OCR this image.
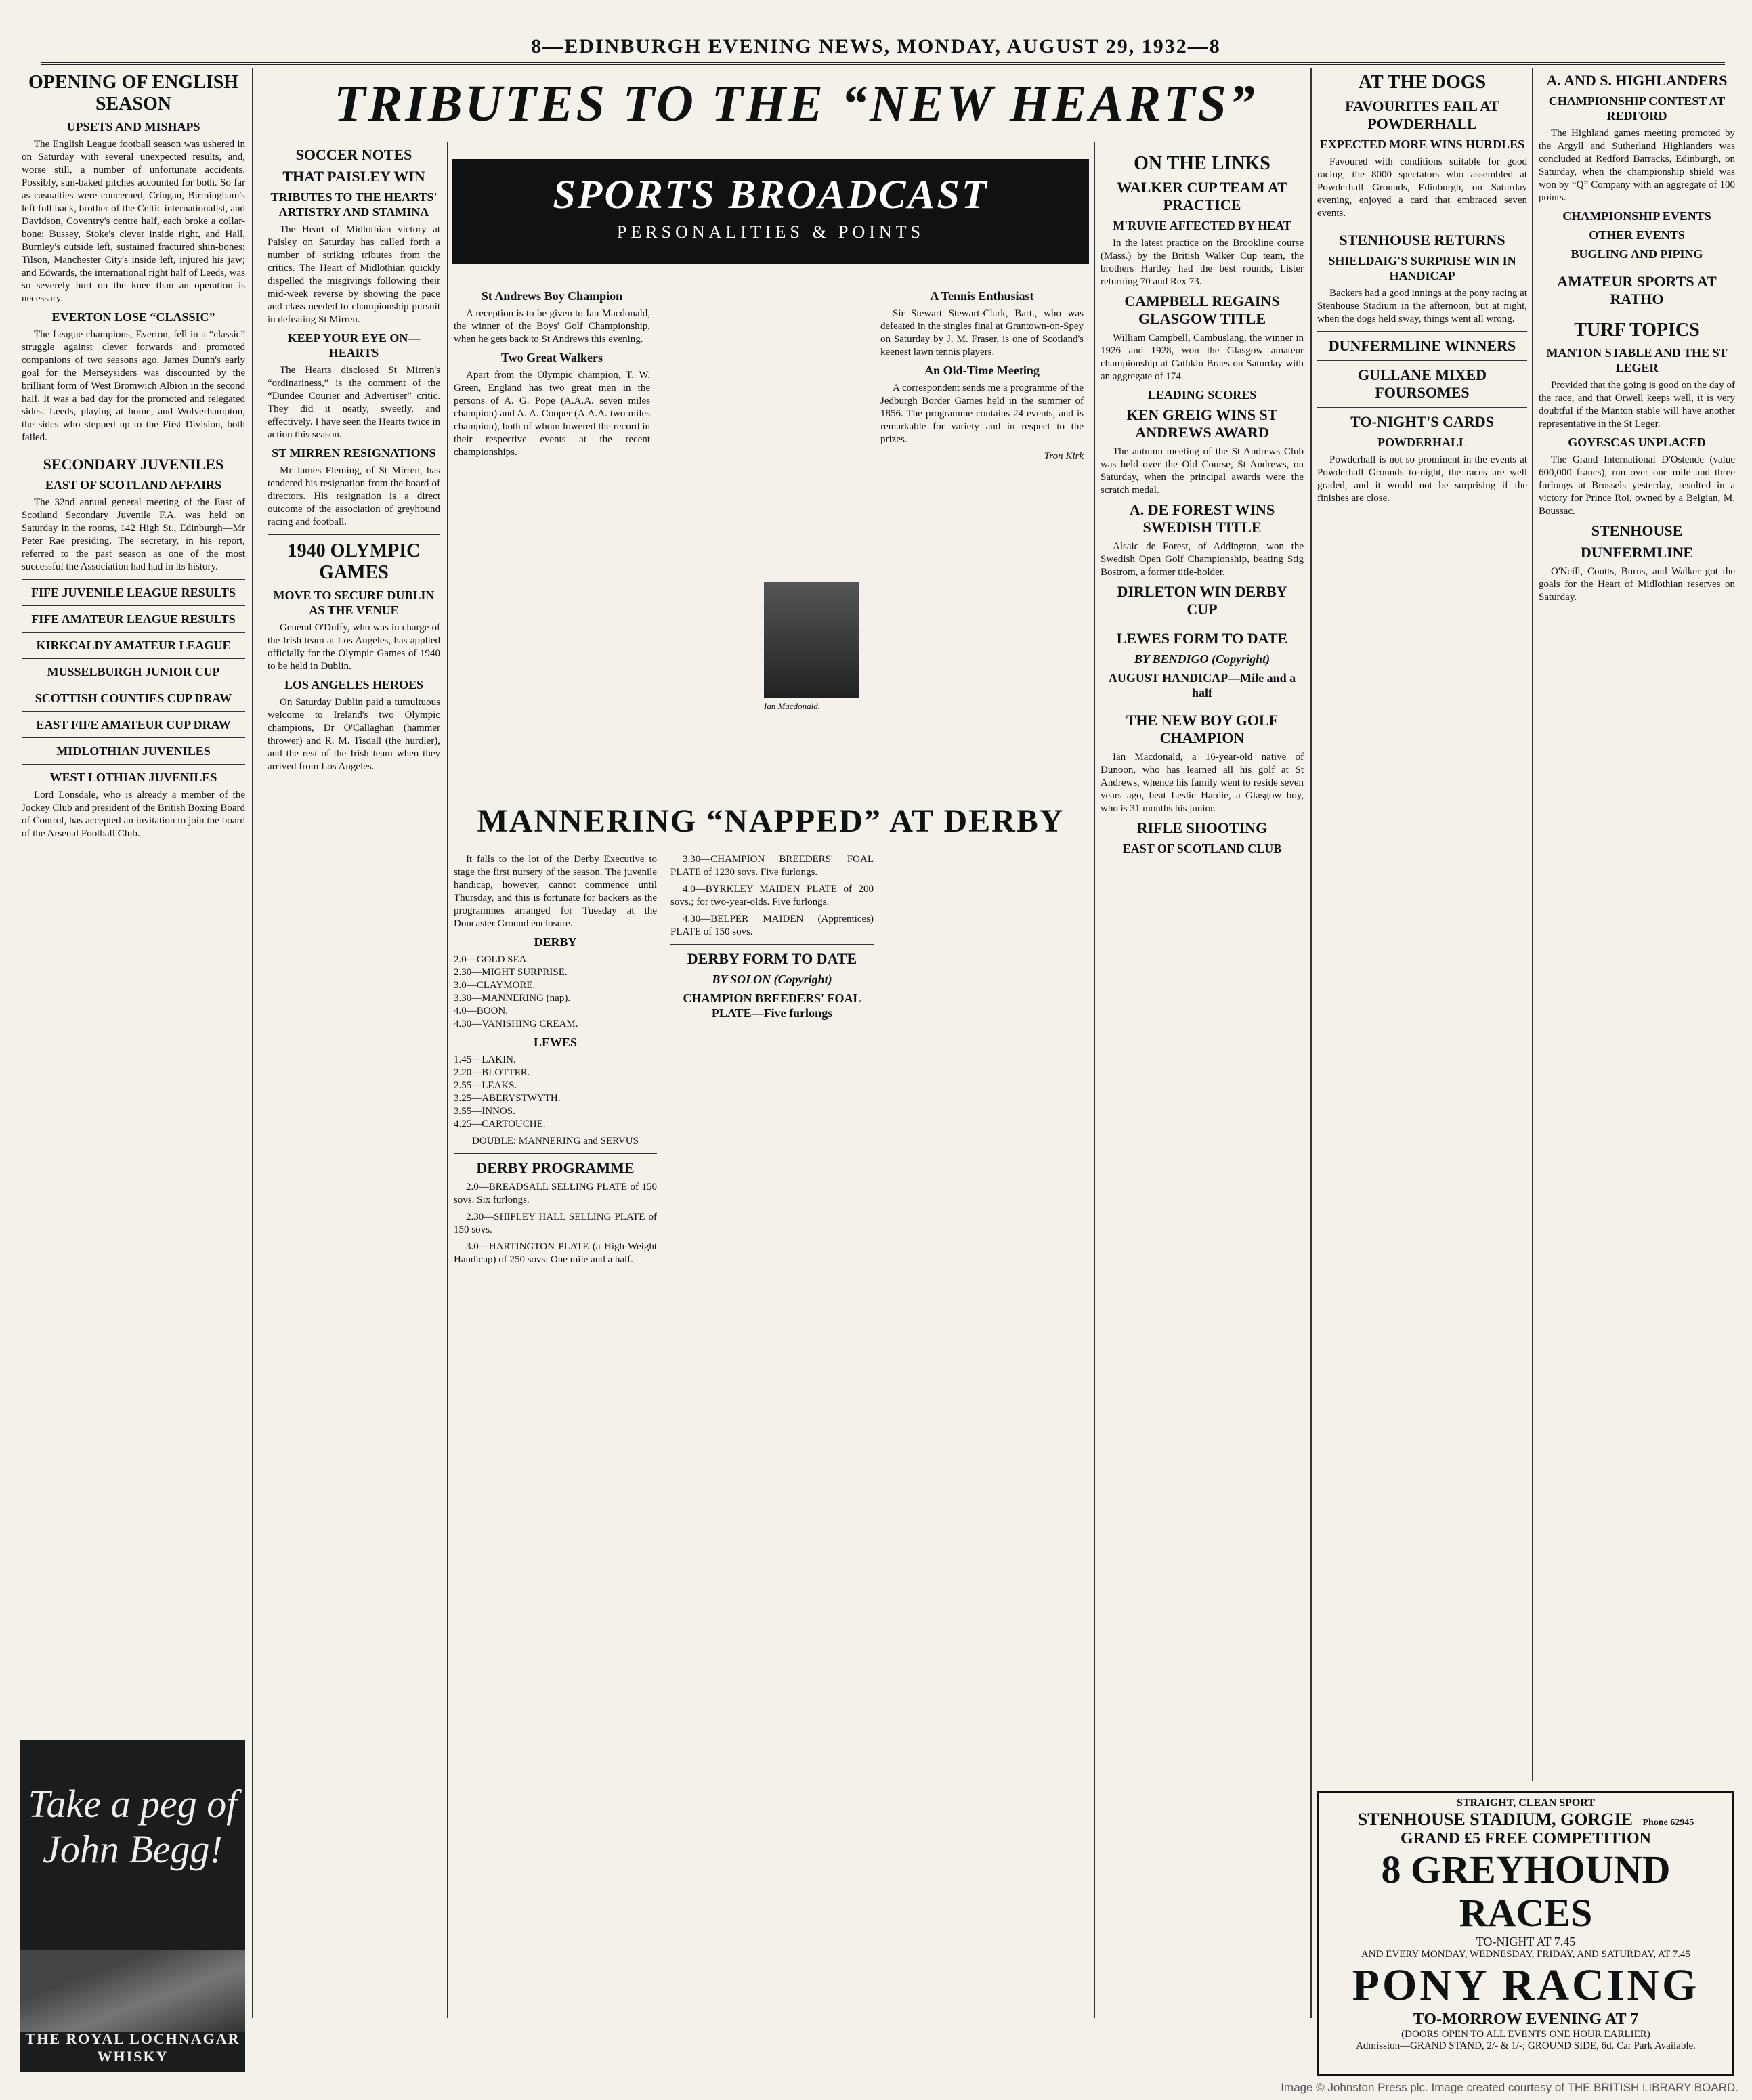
8—EDINBURGH EVENING NEWS, MONDAY, AUGUST 29, 1932—8
OPENING OF ENGLISH SEASON
UPSETS AND MISHAPS

The English League football season was ushered in on Saturday with several unexpected results, and, worse still, a number of unfortunate accidents. Possibly, sun-baked pitches accounted for both. So far as casualties were concerned, Cringan, Birmingham's left full back, brother of the Celtic internationalist, and Davidson, Coventry's centre half, each broke a collar-bone; Bussey, Stoke's clever inside right, and Hall, Burnley's outside left, sustained fractured shin-bones; Tilson, Manchester City's inside left, injured his jaw; and Edwards, the international right half of Leeds, was so severely hurt on the knee than an operation is necessary.

EVERTON LOSE “CLASSIC”

The League champions, Everton, fell in a “classic” struggle against clever forwards and promoted companions of two seasons ago. James Dunn's early goal for the Merseysiders was discounted by the brilliant form of West Bromwich Albion in the second half. It was a bad day for the promoted and relegated sides. Leeds, playing at home, and Wolverhampton, the sides who stepped up to the First Division, both failed.

SECONDARY JUVENILES
EAST OF SCOTLAND AFFAIRS

The 32nd annual general meeting of the East of Scotland Secondary Juvenile F.A. was held on Saturday in the rooms, 142 High St., Edinburgh—Mr Peter Rae presiding. The secretary, in his report, referred to the past season as one of the most successful the Association had had in its history.

FIFE JUVENILE LEAGUE RESULTS
FIFE AMATEUR LEAGUE RESULTS
KIRKCALDY AMATEUR LEAGUE
MUSSELBURGH JUNIOR CUP
SCOTTISH COUNTIES CUP DRAW
EAST FIFE AMATEUR CUP DRAW
MIDLOTHIAN JUVENILES
WEST LOTHIAN JUVENILES

Lord Lonsdale, who is already a member of the Jockey Club and president of the British Boxing Board of Control, has accepted an invitation to join the board of the Arsenal Football Club.

Take a peg of
John Begg!
THE ROYAL LOCHNAGAR WHISKY
TRIBUTES TO THE “NEW HEARTS”
SOCCER NOTES
THAT PAISLEY WIN
TRIBUTES TO THE HEARTS' ARTISTRY AND STAMINA

The Heart of Midlothian victory at Paisley on Saturday has called forth a number of striking tributes from the critics. The Heart of Midlothian quickly dispelled the misgivings following their mid-week reverse by showing the pace and class needed to championship pursuit in defeating St Mirren.

KEEP YOUR EYE ON—HEARTS

The Hearts disclosed St Mirren's “ordinariness,” is the comment of the “Dundee Courier and Advertiser” critic. They did it neatly, sweetly, and effectively. I have seen the Hearts twice in action this season.

ST MIRREN RESIGNATIONS

Mr James Fleming, of St Mirren, has tendered his resignation from the board of directors. His resignation is a direct outcome of the association of greyhound racing and football.

1940 OLYMPIC GAMES
MOVE TO SECURE DUBLIN AS THE VENUE

General O'Duffy, who was in charge of the Irish team at Los Angeles, has applied officially for the Olympic Games of 1940 to be held in Dublin.

LOS ANGELES HEROES

On Saturday Dublin paid a tumultuous welcome to Ireland's two Olympic champions, Dr O'Callaghan (hammer thrower) and R. M. Tisdall (the hurdler), and the rest of the Irish team when they arrived from Los Angeles.

SPORTS BROADCAST
PERSONALITIES & POINTS
St Andrews Boy Champion

A reception is to be given to Ian Macdonald, the winner of the Boys' Golf Championship, when he gets back to St Andrews this evening.

Two Great Walkers

Apart from the Olympic champion, T. W. Green, England has two great men in the persons of A. G. Pope (A.A.A. seven miles champion) and A. A. Cooper (A.A.A. two miles champion), both of whom lowered the record in their respective events at the recent championships.

Ian Macdonald.
A Tennis Enthusiast

Sir Stewart Stewart-Clark, Bart., who was defeated in the singles final at Grantown-on-Spey on Saturday by J. M. Fraser, is one of Scotland's keenest lawn tennis players.

An Old-Time Meeting

A correspondent sends me a programme of the Jedburgh Border Games held in the summer of 1856. The programme contains 24 events, and is remarkable for variety and in respect to the prizes.

Tron Kirk
MANNERING “NAPPED” AT DERBY

It falls to the lot of the Derby Executive to stage the first nursery of the season. The juvenile handicap, however, cannot commence until Thursday, and this is fortunate for backers as the programmes arranged for Tuesday at the Doncaster Ground enclosure.

DERBY
2.0—GOLD SEA.
2.30—MIGHT SURPRISE.
3.0—CLAYMORE.
3.30—MANNERING (nap).
4.0—BOON.
4.30—VANISHING CREAM.
LEWES
1.45—LAKIN.
2.20—BLOTTER.
2.55—LEAKS.
3.25—ABERYSTWYTH.
3.55—INNOS.
4.25—CARTOUCHE.
DOUBLE: MANNERING and SERVUS
DERBY PROGRAMME

2.0—BREADSALL SELLING PLATE of 150 sovs. Six furlongs.

2.30—SHIPLEY HALL SELLING PLATE of 150 sovs.

3.0—HARTINGTON PLATE (a High-Weight Handicap) of 250 sovs. One mile and a half.

3.30—CHAMPION BREEDERS' FOAL PLATE of 1230 sovs. Five furlongs.

4.0—BYRKLEY MAIDEN PLATE of 200 sovs.; for two-year-olds. Five furlongs.

4.30—BELPER MAIDEN (Apprentices) PLATE of 150 sovs.

DERBY FORM TO DATE
BY SOLON (Copyright)
CHAMPION BREEDERS' FOAL PLATE—Five furlongs
ON THE LINKS
WALKER CUP TEAM AT PRACTICE
M'RUVIE AFFECTED BY HEAT

In the latest practice on the Brookline course (Mass.) by the British Walker Cup team, the brothers Hartley had the best rounds, Lister returning 70 and Rex 73.

CAMPBELL REGAINS GLASGOW TITLE

William Campbell, Cambuslang, the winner in 1926 and 1928, won the Glasgow amateur championship at Cathkin Braes on Saturday with an aggregate of 174.

LEADING SCORES
KEN GREIG WINS ST ANDREWS AWARD

The autumn meeting of the St Andrews Club was held over the Old Course, St Andrews, on Saturday, when the principal awards were the scratch medal.

A. DE FOREST WINS SWEDISH TITLE

Alsaic de Forest, of Addington, won the Swedish Open Golf Championship, beating Stig Bostrom, a former title-holder.

DIRLETON WIN DERBY CUP
LEWES FORM TO DATE
BY BENDIGO (Copyright)
AUGUST HANDICAP—Mile and a half
THE NEW BOY GOLF CHAMPION

Ian Macdonald, a 16-year-old native of Dunoon, who has learned all his golf at St Andrews, whence his family went to reside seven years ago, beat Leslie Hardie, a Glasgow boy, who is 31 months his junior.

RIFLE SHOOTING
EAST OF SCOTLAND CLUB
AT THE DOGS
FAVOURITES FAIL AT POWDERHALL
EXPECTED MORE WINS HURDLES

Favoured with conditions suitable for good racing, the 8000 spectators who assembled at Powderhall Grounds, Edinburgh, on Saturday evening, enjoyed a card that embraced seven events.

STENHOUSE RETURNS
SHIELDAIG'S SURPRISE WIN IN HANDICAP

Backers had a good innings at the pony racing at Stenhouse Stadium in the afternoon, but at night, when the dogs held sway, things went all wrong.

DUNFERMLINE WINNERS
GULLANE MIXED FOURSOMES
TO-NIGHT'S CARDS
POWDERHALL

Powderhall is not so prominent in the events at Powderhall Grounds to-night, the races are well graded, and it would not be surprising if the finishes are close.

A. AND S. HIGHLANDERS
CHAMPIONSHIP CONTEST AT REDFORD

The Highland games meeting promoted by the Argyll and Sutherland Highlanders was concluded at Redford Barracks, Edinburgh, on Saturday, when the championship shield was won by “Q” Company with an aggregate of 100 points.

CHAMPIONSHIP EVENTS
OTHER EVENTS
BUGLING AND PIPING
AMATEUR SPORTS AT RATHO
TURF TOPICS
MANTON STABLE AND THE ST LEGER

Provided that the going is good on the day of the race, and that Orwell keeps well, it is very doubtful if the Manton stable will have another representative in the St Leger.

GOYESCAS UNPLACED

The Grand International D'Ostende (value 600,000 francs), run over one mile and three furlongs at Brussels yesterday, resulted in a victory for Prince Roi, owned by a Belgian, M. Boussac.

STENHOUSE
DUNFERMLINE

O'Neill, Coutts, Burns, and Walker got the goals for the Heart of Midlothian reserves on Saturday.

STRAIGHT, CLEAN SPORT
STENHOUSE STADIUM, GORGIE Phone 62945
GRAND £5 FREE COMPETITION
8 GREYHOUND RACES
TO-NIGHT AT 7.45
AND EVERY MONDAY, WEDNESDAY, FRIDAY, AND SATURDAY, AT 7.45
PONY RACING
TO-MORROW EVENING AT 7
(DOORS OPEN TO ALL EVENTS ONE HOUR EARLIER)
Admission—GRAND STAND, 2/- & 1/-; GROUND SIDE, 6d. Car Park Available.
Image © Johnston Press plc. Image created courtesy of THE BRITISH LIBRARY BOARD.
